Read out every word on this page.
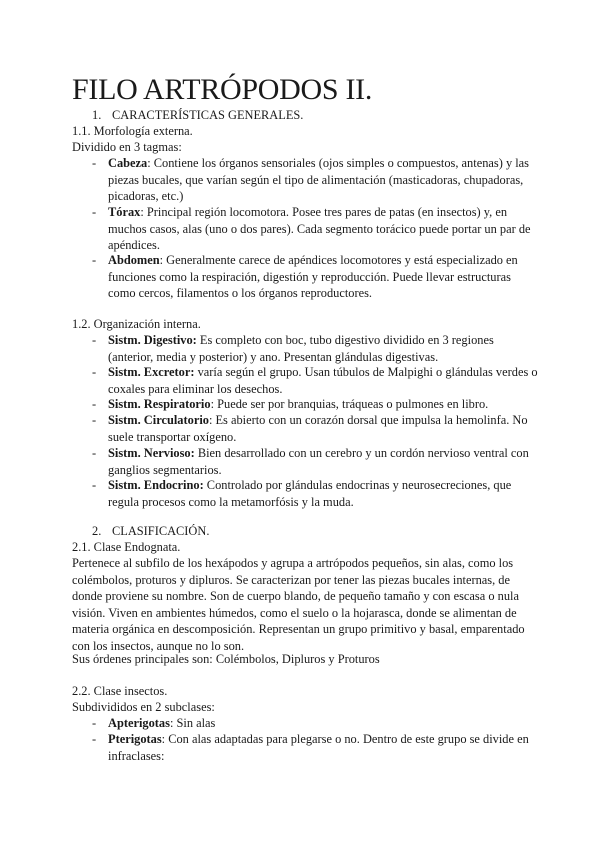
FILO ARTRÓPODOS II.
1. CARACTERÍSTICAS GENERALES.
1.1. Morfología externa.
Dividido en 3 tagmas:
- Cabeza: Contiene los órganos sensoriales (ojos simples o compuestos, antenas) y las piezas bucales, que varían según el tipo de alimentación (masticadoras, chupadoras, picadoras, etc.)
- Tórax: Principal región locomotora. Posee tres pares de patas (en insectos) y, en muchos casos, alas (uno o dos pares). Cada segmento torácico puede portar un par de apéndices.
- Abdomen: Generalmente carece de apéndices locomotores y está especializado en funciones como la respiración, digestión y reproducción. Puede llevar estructuras como cercos, filamentos o los órganos reproductores.
1.2. Organización interna.
- Sistm. Digestivo: Es completo con boc, tubo digestivo dividido en 3 regiones (anterior, media y posterior) y ano. Presentan glándulas digestivas.
- Sistm. Excretor: varía según el grupo. Usan túbulos de Malpighi o glándulas verdes o coxales para eliminar los desechos.
- Sistm. Respiratorio: Puede ser por branquias, tráqueas o pulmones en libro.
- Sistm. Circulatorio: Es abierto con un corazón dorsal que impulsa la hemolinfa. No suele transportar oxígeno.
- Sistm. Nervioso: Bien desarrollado con un cerebro y un cordón nervioso ventral con ganglios segmentarios.
- Sistm. Endocrino: Controlado por glándulas endocrinas y neurosecreciones, que regula procesos como la metamorfósis y la muda.
2. CLASIFICACIÓN.
2.1. Clase Endognata.
Pertenece al subfilo de los hexápodos y agrupa a artrópodos pequeños, sin alas, como los colémbolos, proturos y dipluros. Se caracterizan por tener las piezas bucales internas, de donde proviene su nombre. Son de cuerpo blando, de pequeño tamaño y con escasa o nula visión. Viven en ambientes húmedos, como el suelo o la hojarasca, donde se alimentan de materia orgánica en descomposición. Representan un grupo primitivo y basal, emparentado con los insectos, aunque no lo son.
Sus órdenes principales son: Colémbolos, Dipluros y Proturos
2.2. Clase insectos.
Subdivididos en 2 subclases:
- Apterigotas: Sin alas
- Pterigotas: Con alas adaptadas para plegarse o no. Dentro de este grupo se divide en infraclases:
